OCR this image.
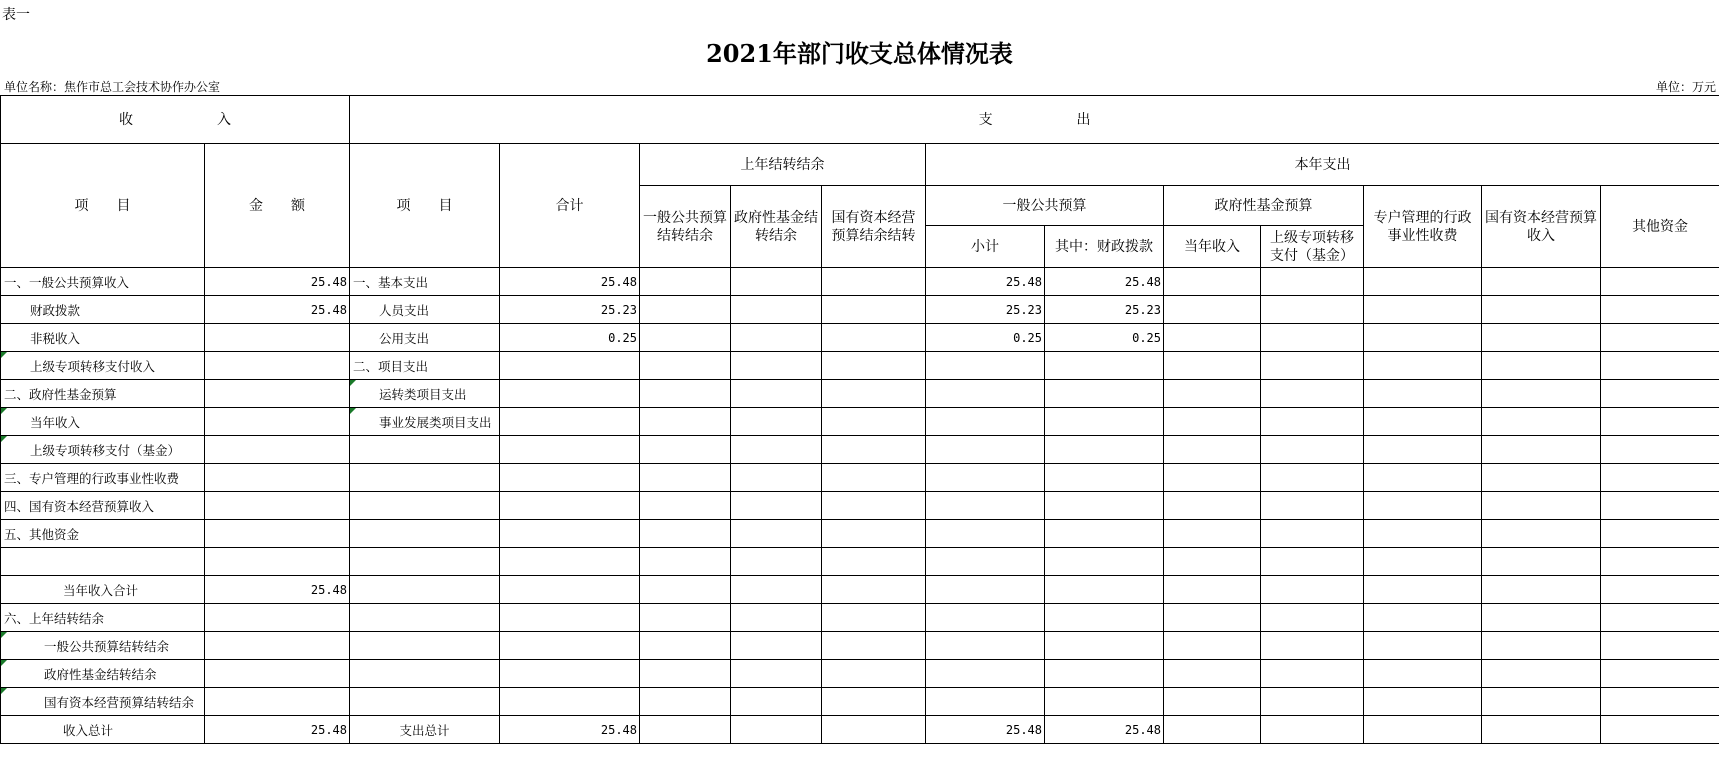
表一
2021年部门收支总体情况表
单位名称：焦作市总工会技术协作办公室	单位：万元
收　　　　　　入		支　　　　　　出											
项　　目	金　　额	项　　目	合计	上年结转结余			本年支出						
				一般公共预算结转结余	政府性基金结转结余	国有资本经营预算结余结转	一般公共预算		政府性基金预算		专户管理的行政事业性收费	国有资本经营预算收入	其他资金
							小计	其中：财政拨款	当年收入	上级专项转移支付（基金）			
一、一般公共预算收入	25.48	一、基本支出	25.48				25.48	25.48					
财政拨款	25.48	人员支出	25.23				25.23	25.23					
非税收入		公用支出	0.25				0.25	0.25					
上级专项转移支付收入		二、项目支出											
二、政府性基金预算		运转类项目支出											
当年收入		事业发展类项目支出											
上级专项转移支付（基金）													
三、专户管理的行政事业性收费													
四、国有资本经营预算收入													
五、其他资金													

当年收入合计	25.48												
六、上年结转结余													
一般公共预算结转结余													
政府性基金结转结余													
国有资本经营预算结转结余													
收入总计	25.48	支出总计	25.48				25.48	25.48					
